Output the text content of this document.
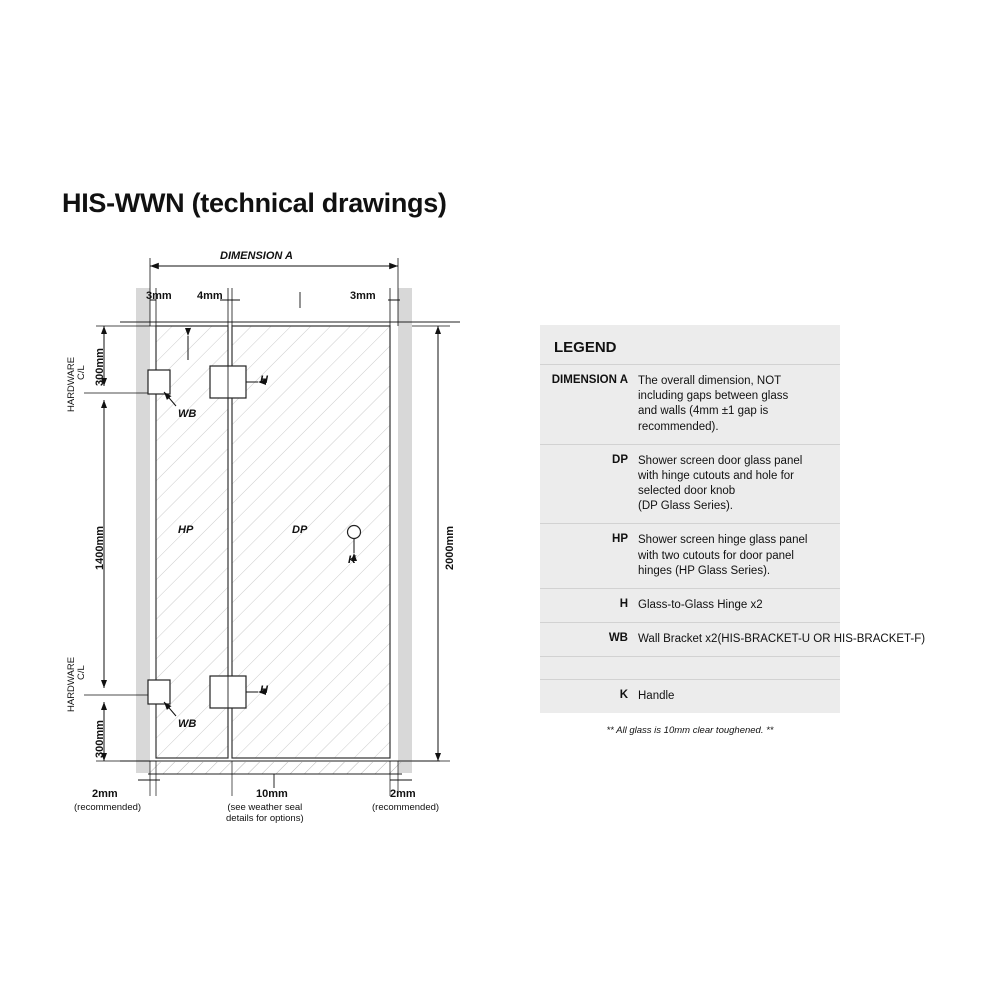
HIS-WWN (technical drawings)
DIMENSION A
3mm 4mm	3mm
300mm
1400mm
300mm
C/L
HARDWARE
C/L
HARDWARE
2000mm
HP	DP
H
H
WB
WB
K
2mm
(recommended)
10mm
(see weather seal
details for options)
2mm
(recommended)
LEGEND
DIMENSION A The overall dimension, NOT
including gaps between glass
and walls (4mm ±1 gap is
recommended).
DP Shower screen door glass panel
with hinge cutouts and hole for
selected door knob
(DP Glass Series).
HP Shower screen hinge glass panel
with two cutouts for door panel
hinges (HP Glass Series).
H Glass-to-Glass Hinge x2
WB Wall Bracket x2(HIS-BRACKET-U OR HIS-BRACKET-F)
K Handle
** All glass is 10mm clear toughened. **
